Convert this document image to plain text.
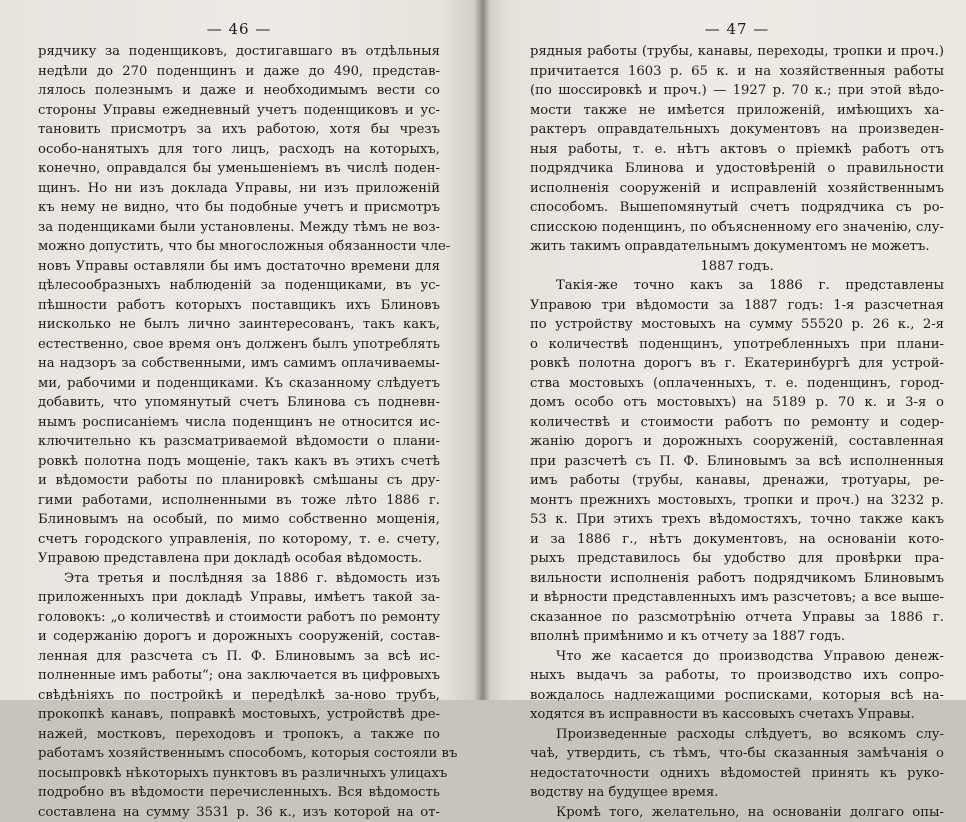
— 46 —
рядчику за поденщиковъ, достигавшаго въ отдѣльныя
недѣли до 270 поденщинъ и даже до 490, представ-
лялось полезнымъ и даже и необходимымъ вести со
стороны Управы ежедневный учетъ поденщиковъ и ус-
тановить присмотръ за ихъ работою, хотя бы чрезъ
особо-нанятыхъ для того лицъ, расходъ на которыхъ,
конечно, оправдался бы уменьшеніемъ въ числѣ поден-
щинъ. Но ни изъ доклада Управы, ни изъ приложеній
къ нему не видно, что бы подобные учетъ и присмотръ
за поденщиками были установлены. Между тѣмъ не воз-
можно допустить, что бы многосложныя обязанности чле-
новъ Управы оставляли бы имъ достаточно времени для
цѣлесообразныхъ наблюденій за поденщиками, въ ус-
пѣшности работъ которыхъ поставщикъ ихъ Блиновъ
нисколько не былъ лично заинтересованъ, такъ какъ,
естественно, свое время онъ долженъ былъ употреблять
на надзоръ за собственными, имъ самимъ оплачиваемы-
ми, рабочими и поденщиками. Къ сказанному слѣдуетъ
добавить, что упомянутый счетъ Блинова съ подневн-
нымъ росписаніемъ числа поденщинъ не относится ис-
ключительно къ разсматриваемой вѣдомости о плани-
ровкѣ полотна подъ мощеніе, такъ какъ въ этихъ счетѣ
и вѣдомости работы по планировкѣ смѣшаны съ дру-
гими работами, исполненными въ тоже лѣто 1886 г.
Блиновымъ на особый, по мимо собственно мощенія,
счетъ городского управленія, по которому, т. е. счету,
Управою представлена при докладѣ особая вѣдомость.
Эта третья и послѣдняя за 1886 г. вѣдомость изъ
приложенныхъ при докладѣ Управы, имѣетъ такой за-
головокъ: „о количествѣ и стоимости работъ по ремонту
и содержанію дорогъ и дорожныхъ сооруженій, состав-
ленная для разсчета съ П. Ф. Блиновымъ за всѣ ис-
полненные имъ работы“; она заключается въ цифровыхъ
свѣдѣніяхъ по постройкѣ и передѣлкѣ за-ново трубъ,
прокопкѣ канавъ, поправкѣ мостовыхъ, устройствѣ дре-
нажей, мостковъ, переходовъ и тропокъ, а также по
работамъ хозяйственнымъ способомъ, которыя состояли въ
посыпровкѣ нѣкоторыхъ пунктовъ въ различныхъ улицахъ
подробно въ вѣдомости перечисленныхъ. Вся вѣдомость
составлена на сумму 3531 р. 36 к., изъ которой на от-
— 47 —
рядныя работы (трубы, канавы, переходы, тропки и проч.)
причитается 1603 р. 65 к. и на хозяйственныя работы
(по шоссировкѣ и проч.) — 1927 р. 70 к.; при этой вѣдо-
мости также не имѣется приложеній, имѣющихъ ха-
рактеръ оправдательныхъ документовъ на произведен-
ныя работы, т. е. нѣтъ актовъ о пріемкѣ работъ отъ
подрядчика Блинова и удостовѣреній о правильности
исполненія сооруженій и исправленій хозяйственнымъ
способомъ. Вышепомянутый счетъ подрядчика съ ро-
списскою поденщинъ, по объясненному его значенію, слу-
жить такимъ оправдательнымъ документомъ не можетъ.
1887 годъ.
Такія-же точно какъ за 1886 г. представлены
Управою три вѣдомости за 1887 годъ: 1-я разсчетная
по устройству мостовыхъ на сумму 55520 р. 26 к., 2-я
о количествѣ поденщинъ, употребленныхъ при плани-
ровкѣ полотна дорогъ въ г. Екатеринбургѣ для устрой-
ства мостовыхъ (оплаченныхъ, т. е. поденщинъ, город-
домъ особо отъ мостовыхъ) на 5189 р. 70 к. и 3-я о
количествѣ и стоимости работъ по ремонту и содер-
жанію дорогъ и дорожныхъ сооруженій, составленная
при разсчетѣ съ П. Ф. Блиновымъ за всѣ исполненныя
имъ работы (трубы, канавы, дренажи, тротуары, ре-
монтъ прежнихъ мостовыхъ, тропки и проч.) на 3232 р.
53 к. При этихъ трехъ вѣдомостяхъ, точно также какъ
и за 1886 г., нѣтъ документовъ, на основаніи кото-
рыхъ представилось бы удобство для провѣрки пра-
вильности исполненія работъ подрядчикомъ Блиновымъ
и вѣрности представленныхъ имъ разсчетовъ; а все выше-
сказанное по разсмотрѣнію отчета Управы за 1886 г.
вполнѣ примѣнимо и къ отчету за 1887 годъ.
Что же касается до производства Управою денеж-
ныхъ выдачъ за работы, то производство ихъ сопро-
вождалось надлежащими росписками, которыя всѣ на-
ходятся въ исправности въ кассовыхъ счетахъ Управы.
Произведенные расходы слѣдуетъ, во всякомъ слу-
чаѣ, утвердить, съ тѣмъ, что-бы сказанныя замѣчанія о
недостаточности одниxъ вѣдомостей принять къ руко-
водству на будущее время.
Кромѣ того, желательно, на основаніи долгаго опы-
